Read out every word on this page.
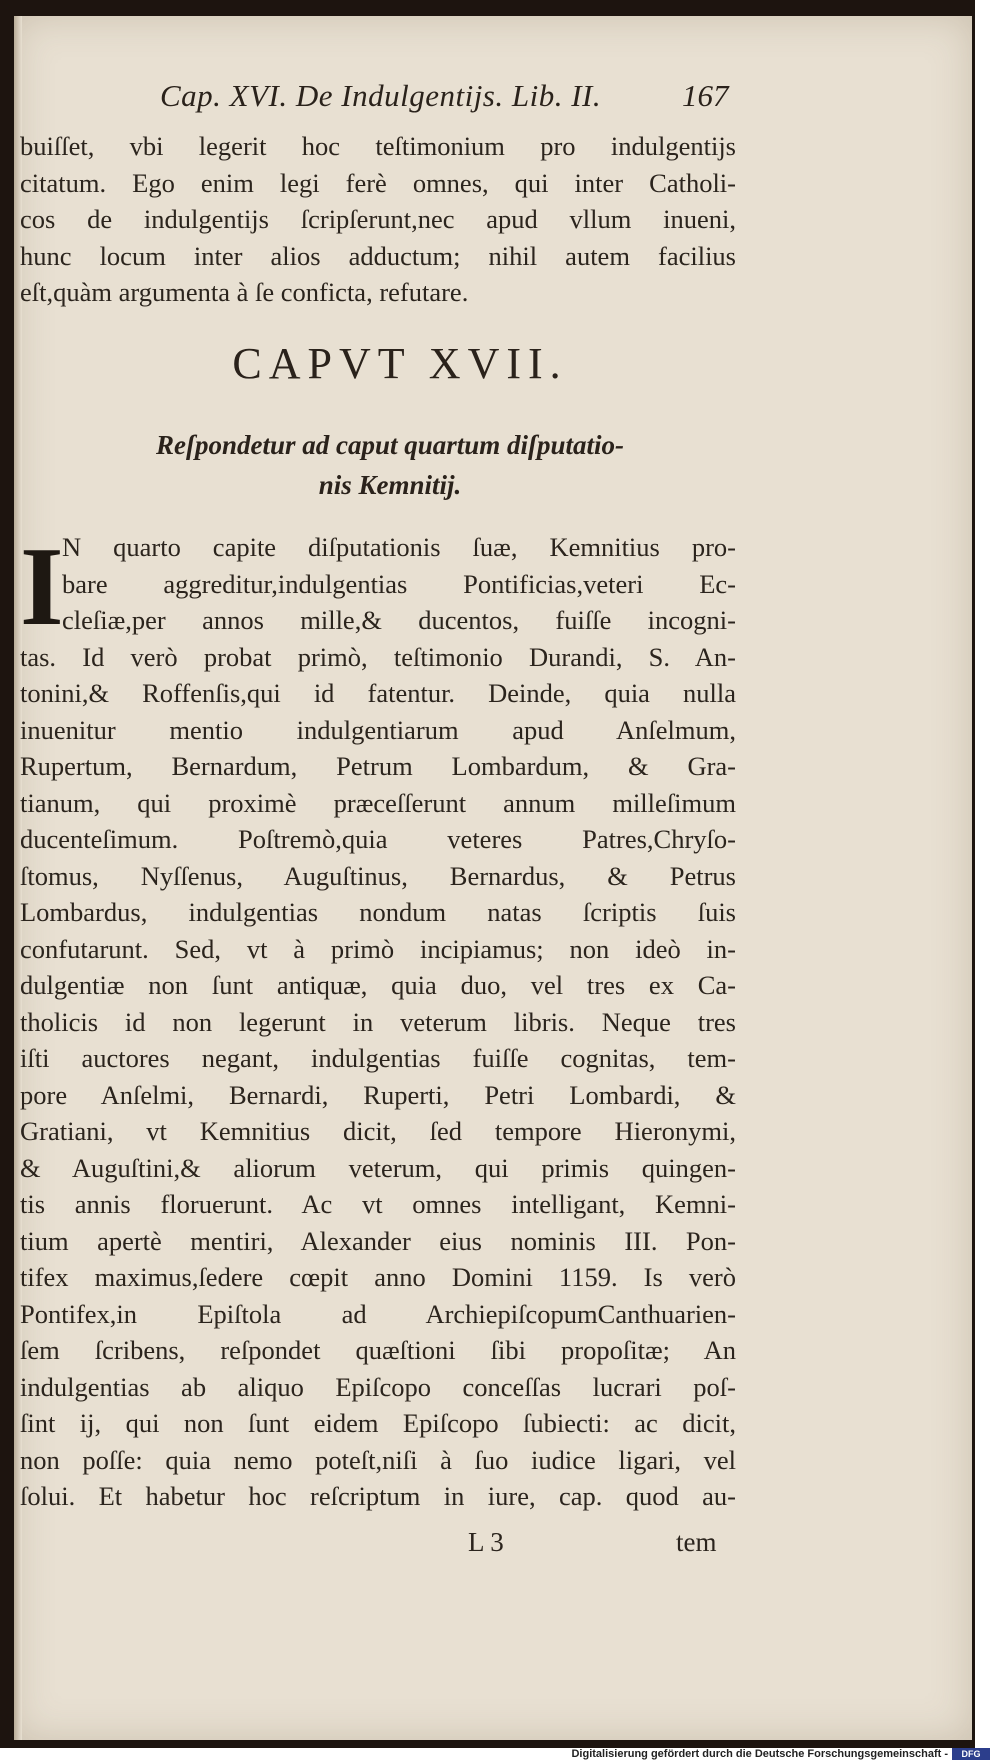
Cap. XVI. De Indulgentijs. Lib. II.	167
buiſſet, vbi legerit hoc teſtimonium pro indulgentijs
citatum. Ego enim legi ferè omnes, qui inter Catholi-
cos de indulgentijs ſcripſerunt,nec apud vllum inueni,
hunc locum inter alios adductum; nihil autem facilius
eſt,quàm argumenta à ſe conficta, refutare.
CAPVT XVII.
Reſpondetur ad caput quartum diſputatio-
nis Kemnitij.
I
N quarto capite diſputationis ſuæ, Kemnitius pro-
bare aggreditur,indulgentias Pontificias,veteri Ec-
cleſiæ,per annos mille,& ducentos, fuiſſe incogni-
tas. Id verò probat primò, teſtimonio Durandi, S. An-
tonini,& Roffenſis,qui id fatentur. Deinde, quia nulla
inuenitur mentio indulgentiarum apud Anſelmum,
Rupertum, Bernardum, Petrum Lombardum, & Gra-
tianum, qui proximè præceſſerunt annum milleſimum
ducenteſimum. Poſtremò,quia veteres Patres,Chryſo-
ſtomus, Nyſſenus, Auguſtinus, Bernardus, & Petrus
Lombardus, indulgentias nondum natas ſcriptis ſuis
confutarunt. Sed, vt à primò incipiamus; non ideò in-
dulgentiæ non ſunt antiquæ, quia duo, vel tres ex Ca-
tholicis id non legerunt in veterum libris. Neque tres
iſti auctores negant, indulgentias fuiſſe cognitas, tem-
pore Anſelmi, Bernardi, Ruperti, Petri Lombardi, &
Gratiani, vt Kemnitius dicit, ſed tempore Hieronymi,
& Auguſtini,& aliorum veterum, qui primis quingen-
tis annis floruerunt. Ac vt omnes intelligant, Kemni-
tium apertè mentiri, Alexander eius nominis III. Pon-
tifex maximus,ſedere cœpit anno Domini 1159. Is verò
Pontifex,in Epiſtola ad ArchiepiſcopumCanthuarien-
ſem ſcribens, reſpondet quæſtioni ſibi propoſitæ; An
indulgentias ab aliquo Epiſcopo conceſſas lucrari poſ-
ſint ij, qui non ſunt eidem Epiſcopo ſubiecti: ac dicit,
non poſſe: quia nemo poteſt,niſi à ſuo iudice ligari, vel
ſolui. Et habetur hoc reſcriptum in iure, cap. quod au-
L 3	tem
Digitalisierung gefördert durch die Deutsche Forschungsgemeinschaft -	DFG
